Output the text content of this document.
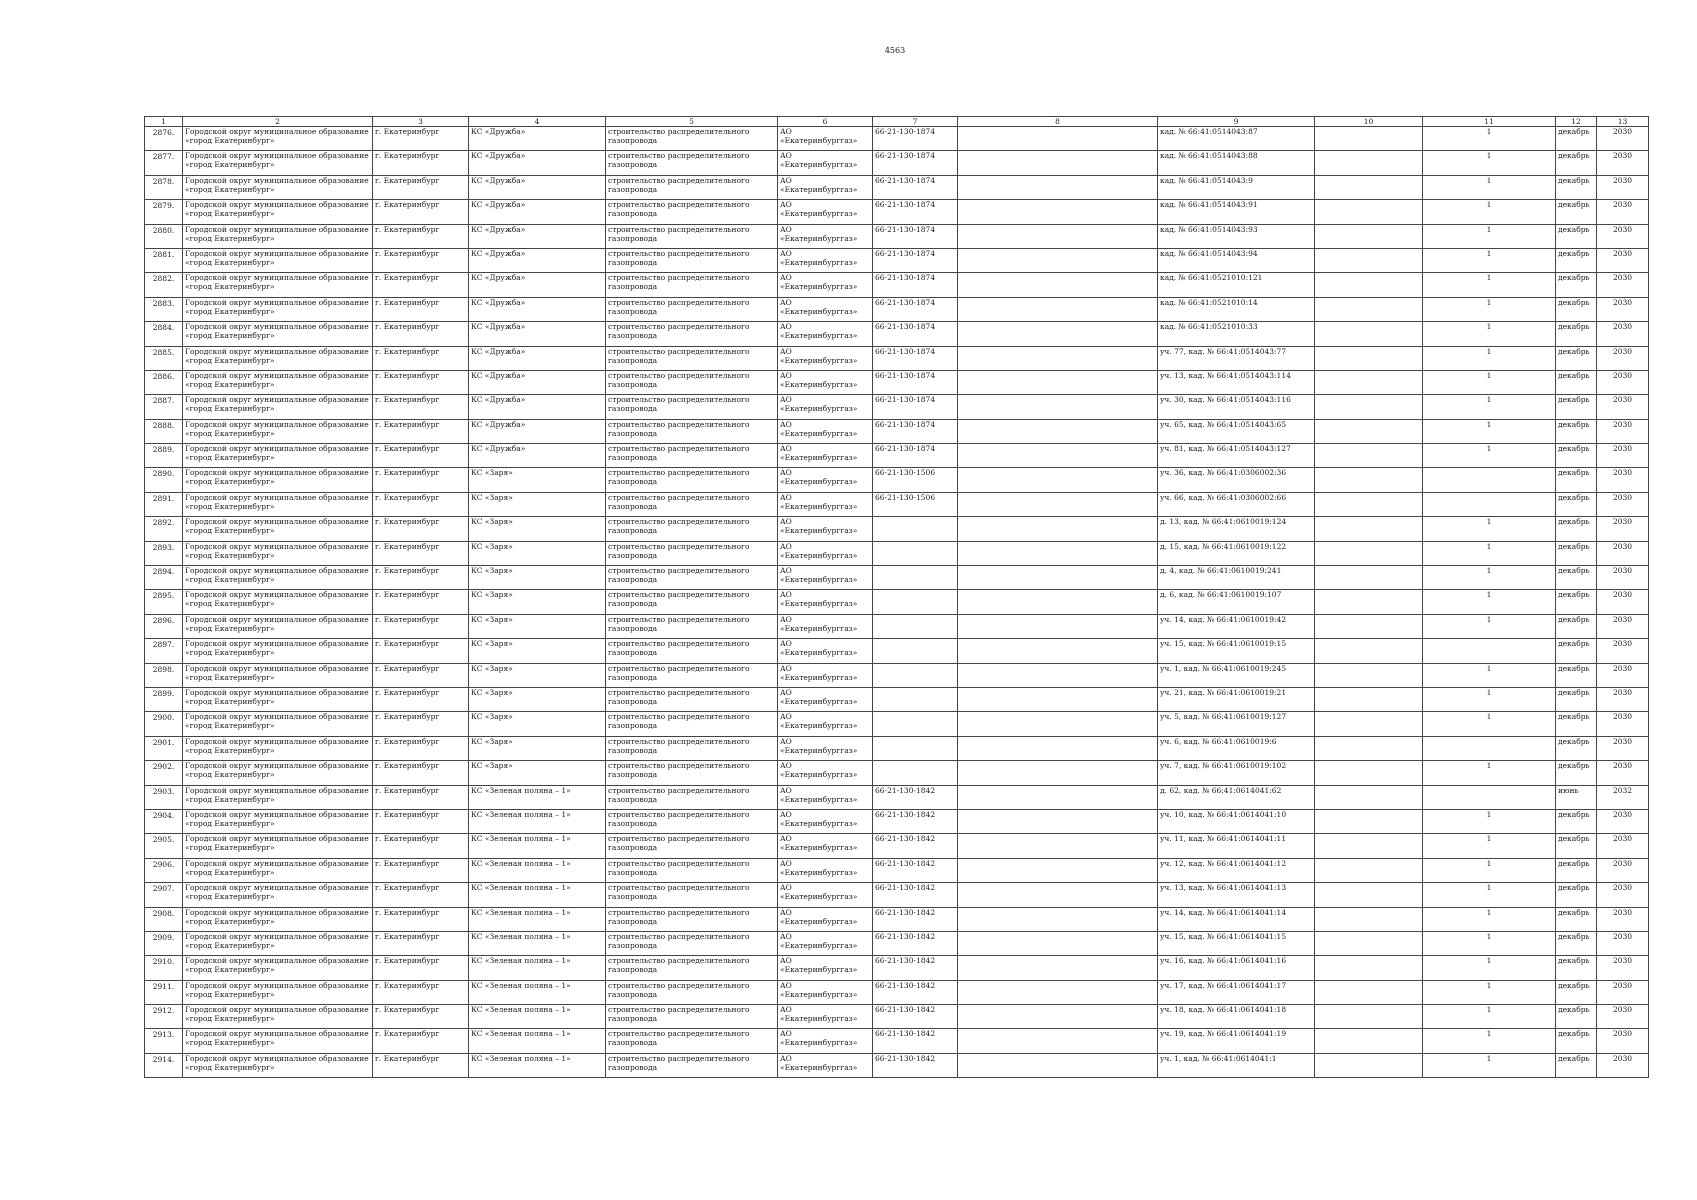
4563
1	2	3	4	5	6	7	8	9	10	11	12	13
2876.	Городской округ муниципальное образование «город Екатеринбург»	г. Екатеринбург	КС «Дружба»	строительство распределительного газопровода	АО «Екатеринбурггаз»	66-21-130-1874		кад. № 66:41:0514043:87		1	декабрь	2030
2877.	Городской округ муниципальное образование «город Екатеринбург»	г. Екатеринбург	КС «Дружба»	строительство распределительного газопровода	АО «Екатеринбурггаз»	66-21-130-1874		кад. № 66:41:0514043:88		1	декабрь	2030
2878.	Городской округ муниципальное образование «город Екатеринбург»	г. Екатеринбург	КС «Дружба»	строительство распределительного газопровода	АО «Екатеринбурггаз»	66-21-130-1874		кад. № 66:41:0514043:9		1	декабрь	2030
2879.	Городской округ муниципальное образование «город Екатеринбург»	г. Екатеринбург	КС «Дружба»	строительство распределительного газопровода	АО «Екатеринбурггаз»	66-21-130-1874		кад. № 66:41:0514043:91		1	декабрь	2030
2880.	Городской округ муниципальное образование «город Екатеринбург»	г. Екатеринбург	КС «Дружба»	строительство распределительного газопровода	АО «Екатеринбурггаз»	66-21-130-1874		кад. № 66:41:0514043:93		1	декабрь	2030
2881.	Городской округ муниципальное образование «город Екатеринбург»	г. Екатеринбург	КС «Дружба»	строительство распределительного газопровода	АО «Екатеринбурггаз»	66-21-130-1874		кад. № 66:41:0514043:94		1	декабрь	2030
2882.	Городской округ муниципальное образование «город Екатеринбург»	г. Екатеринбург	КС «Дружба»	строительство распределительного газопровода	АО «Екатеринбурггаз»	66-21-130-1874		кад. № 66:41:0521010:121		1	декабрь	2030
2883.	Городской округ муниципальное образование «город Екатеринбург»	г. Екатеринбург	КС «Дружба»	строительство распределительного газопровода	АО «Екатеринбурггаз»	66-21-130-1874		кад. № 66:41:0521010:14		1	декабрь	2030
2884.	Городской округ муниципальное образование «город Екатеринбург»	г. Екатеринбург	КС «Дружба»	строительство распределительного газопровода	АО «Екатеринбурггаз»	66-21-130-1874		кад. № 66:41:0521010:33		1	декабрь	2030
2885.	Городской округ муниципальное образование «город Екатеринбург»	г. Екатеринбург	КС «Дружба»	строительство распределительного газопровода	АО «Екатеринбурггаз»	66-21-130-1874		уч. 77, кад. № 66:41:0514043:77		1	декабрь	2030
2886.	Городской округ муниципальное образование «город Екатеринбург»	г. Екатеринбург	КС «Дружба»	строительство распределительного газопровода	АО «Екатеринбурггаз»	66-21-130-1874		уч. 13, кад. № 66:41:0514043:114		1	декабрь	2030
2887.	Городской округ муниципальное образование «город Екатеринбург»	г. Екатеринбург	КС «Дружба»	строительство распределительного газопровода	АО «Екатеринбурггаз»	66-21-130-1874		уч. 30, кад. № 66:41:0514043:116		1	декабрь	2030
2888.	Городской округ муниципальное образование «город Екатеринбург»	г. Екатеринбург	КС «Дружба»	строительство распределительного газопровода	АО «Екатеринбурггаз»	66-21-130-1874		уч. 65, кад. № 66:41:0514043:65		1	декабрь	2030
2889.	Городской округ муниципальное образование «город Екатеринбург»	г. Екатеринбург	КС «Дружба»	строительство распределительного газопровода	АО «Екатеринбурггаз»	66-21-130-1874		уч. 81, кад. № 66:41:0514043:127		1	декабрь	2030
2890.	Городской округ муниципальное образование «город Екатеринбург»	г. Екатеринбург	КС «Заря»	строительство распределительного газопровода	АО «Екатеринбурггаз»	66-21-130-1506		уч. 36, кад. № 66:41:0306002:36			декабрь	2030
2891.	Городской округ муниципальное образование «город Екатеринбург»	г. Екатеринбург	КС «Заря»	строительство распределительного газопровода	АО «Екатеринбурггаз»	66-21-130-1506		уч. 66, кад. № 66:41:0306002:66			декабрь	2030
2892.	Городской округ муниципальное образование «город Екатеринбург»	г. Екатеринбург	КС «Заря»	строительство распределительного газопровода	АО «Екатеринбурггаз»			д. 13, кад. № 66:41:0610019:124		1	декабрь	2030
2893.	Городской округ муниципальное образование «город Екатеринбург»	г. Екатеринбург	КС «Заря»	строительство распределительного газопровода	АО «Екатеринбурггаз»			д. 15, кад. № 66:41:0610019:122		1	декабрь	2030
2894.	Городской округ муниципальное образование «город Екатеринбург»	г. Екатеринбург	КС «Заря»	строительство распределительного газопровода	АО «Екатеринбурггаз»			д. 4, кад. № 66:41:0610019:241		1	декабрь	2030
2895.	Городской округ муниципальное образование «город Екатеринбург»	г. Екатеринбург	КС «Заря»	строительство распределительного газопровода	АО «Екатеринбурггаз»			д. 6, кад. № 66:41:0610019:107		1	декабрь	2030
2896.	Городской округ муниципальное образование «город Екатеринбург»	г. Екатеринбург	КС «Заря»	строительство распределительного газопровода	АО «Екатеринбурггаз»			уч. 14, кад. № 66:41:0610019:42		1	декабрь	2030
2897.	Городской округ муниципальное образование «город Екатеринбург»	г. Екатеринбург	КС «Заря»	строительство распределительного газопровода	АО «Екатеринбурггаз»			уч. 15, кад. № 66:41:0610019:15			декабрь	2030
2898.	Городской округ муниципальное образование «город Екатеринбург»	г. Екатеринбург	КС «Заря»	строительство распределительного газопровода	АО «Екатеринбурггаз»			уч. 1, кад. № 66:41:0610019:245		1	декабрь	2030
2899.	Городской округ муниципальное образование «город Екатеринбург»	г. Екатеринбург	КС «Заря»	строительство распределительного газопровода	АО «Екатеринбурггаз»			уч. 21, кад. № 66:41:0610019:21		1	декабрь	2030
2900.	Городской округ муниципальное образование «город Екатеринбург»	г. Екатеринбург	КС «Заря»	строительство распределительного газопровода	АО «Екатеринбурггаз»			уч. 5, кад. № 66:41:0610019:127		1	декабрь	2030
2901.	Городской округ муниципальное образование «город Екатеринбург»	г. Екатеринбург	КС «Заря»	строительство распределительного газопровода	АО «Екатеринбурггаз»			уч. 6, кад. № 66:41:0610019:6			декабрь	2030
2902.	Городской округ муниципальное образование «город Екатеринбург»	г. Екатеринбург	КС «Заря»	строительство распределительного газопровода	АО «Екатеринбурггаз»			уч. 7, кад. № 66:41:0610019:102		1	декабрь	2030
2903.	Городской округ муниципальное образование «город Екатеринбург»	г. Екатеринбург	КС «Зеленая поляна – 1»	строительство распределительного газопровода	АО «Екатеринбурггаз»	66-21-130-1842		д. 62, кад. № 66:41:0614041:62			июнь	2032
2904.	Городской округ муниципальное образование «город Екатеринбург»	г. Екатеринбург	КС «Зеленая поляна – 1»	строительство распределительного газопровода	АО «Екатеринбурггаз»	66-21-130-1842		уч. 10, кад. № 66:41:0614041:10		1	декабрь	2030
2905.	Городской округ муниципальное образование «город Екатеринбург»	г. Екатеринбург	КС «Зеленая поляна – 1»	строительство распределительного газопровода	АО «Екатеринбурггаз»	66-21-130-1842		уч. 11, кад. № 66:41:0614041:11		1	декабрь	2030
2906.	Городской округ муниципальное образование «город Екатеринбург»	г. Екатеринбург	КС «Зеленая поляна – 1»	строительство распределительного газопровода	АО «Екатеринбурггаз»	66-21-130-1842		уч. 12, кад. № 66:41:0614041:12		1	декабрь	2030
2907.	Городской округ муниципальное образование «город Екатеринбург»	г. Екатеринбург	КС «Зеленая поляна – 1»	строительство распределительного газопровода	АО «Екатеринбурггаз»	66-21-130-1842		уч. 13, кад. № 66:41:0614041:13		1	декабрь	2030
2908.	Городской округ муниципальное образование «город Екатеринбург»	г. Екатеринбург	КС «Зеленая поляна – 1»	строительство распределительного газопровода	АО «Екатеринбурггаз»	66-21-130-1842		уч. 14, кад. № 66:41:0614041:14		1	декабрь	2030
2909.	Городской округ муниципальное образование «город Екатеринбург»	г. Екатеринбург	КС «Зеленая поляна – 1»	строительство распределительного газопровода	АО «Екатеринбурггаз»	66-21-130-1842		уч. 15, кад. № 66:41:0614041:15		1	декабрь	2030
2910.	Городской округ муниципальное образование «город Екатеринбург»	г. Екатеринбург	КС «Зеленая поляна – 1»	строительство распределительного газопровода	АО «Екатеринбурггаз»	66-21-130-1842		уч. 16, кад. № 66:41:0614041:16		1	декабрь	2030
2911.	Городской округ муниципальное образование «город Екатеринбург»	г. Екатеринбург	КС «Зеленая поляна – 1»	строительство распределительного газопровода	АО «Екатеринбурггаз»	66-21-130-1842		уч. 17, кад. № 66:41:0614041:17		1	декабрь	2030
2912.	Городской округ муниципальное образование «город Екатеринбург»	г. Екатеринбург	КС «Зеленая поляна – 1»	строительство распределительного газопровода	АО «Екатеринбурггаз»	66-21-130-1842		уч. 18, кад. № 66:41:0614041:18		1	декабрь	2030
2913.	Городской округ муниципальное образование «город Екатеринбург»	г. Екатеринбург	КС «Зеленая поляна – 1»	строительство распределительного газопровода	АО «Екатеринбурггаз»	66-21-130-1842		уч. 19, кад. № 66:41:0614041:19		1	декабрь	2030
2914.	Городской округ муниципальное образование «город Екатеринбург»	г. Екатеринбург	КС «Зеленая поляна – 1»	строительство распределительного газопровода	АО «Екатеринбурггаз»	66-21-130-1842		уч. 1, кад. № 66:41:0614041:1		1	декабрь	2030
